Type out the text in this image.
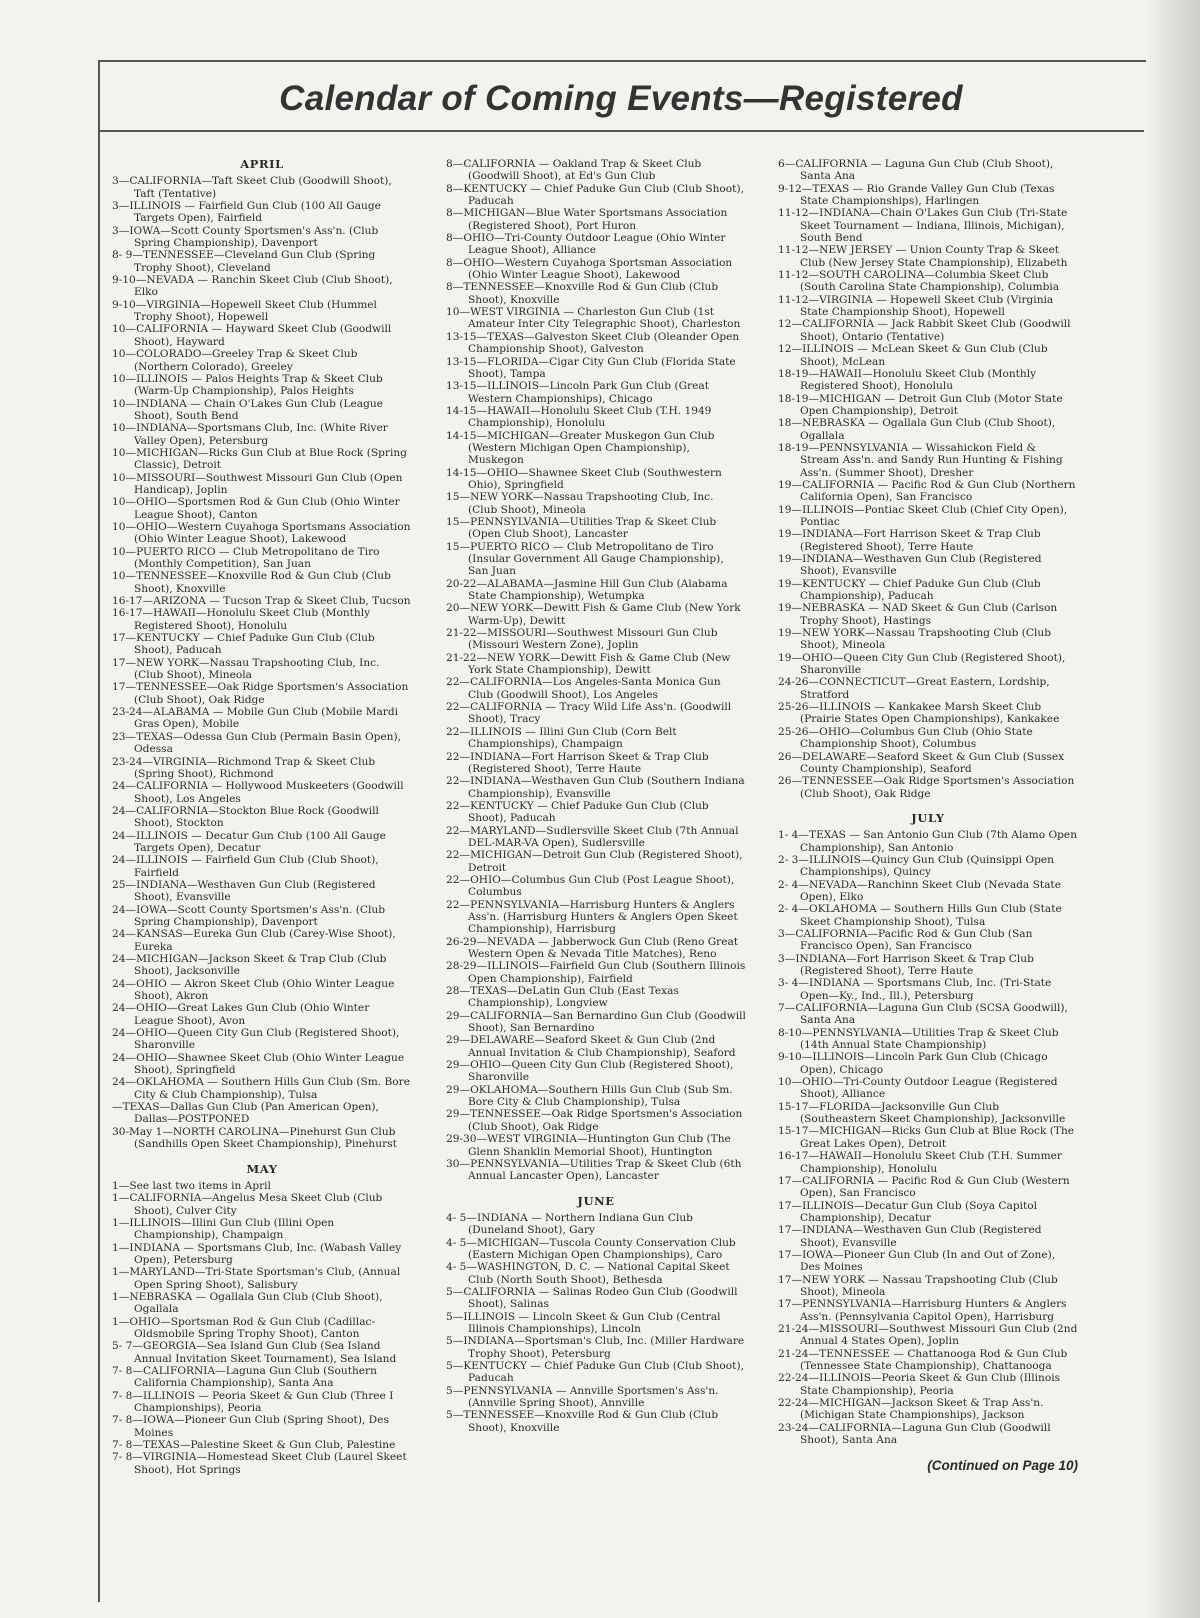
Calendar of Coming Events—Registered
APRIL

3—CALIFORNIA—Taft Skeet Club (Goodwill Shoot), Taft (Tentative)

3—ILLINOIS — Fairfield Gun Club (100 All Gauge Targets Open), Fairfield

3—IOWA—Scott County Sportsmen's Ass'n. (Club Spring Championship), Davenport

8- 9—TENNESSEE—Cleveland Gun Club (Spring Trophy Shoot), Cleveland

9-10—NEVADA — Ranchin Skeet Club (Club Shoot), Elko

9-10—VIRGINIA—Hopewell Skeet Club (Hummel Trophy Shoot), Hopewell

10—CALIFORNIA — Hayward Skeet Club (Goodwill Shoot), Hayward

10—COLORADO—Greeley Trap & Skeet Club (Northern Colorado), Greeley

10—ILLINOIS — Palos Heights Trap & Skeet Club (Warm-Up Championship), Palos Heights

10—INDIANA — Chain O'Lakes Gun Club (League Shoot), South Bend

10—INDIANA—Sportsmans Club, Inc. (White River Valley Open), Petersburg

10—MICHIGAN—Ricks Gun Club at Blue Rock (Spring Classic), Detroit

10—MISSOURI—Southwest Missouri Gun Club (Open Handicap), Joplin

10—OHIO—Sportsmen Rod & Gun Club (Ohio Winter League Shoot), Canton

10—OHIO—Western Cuyahoga Sportsmans Association (Ohio Winter League Shoot), Lakewood

10—PUERTO RICO — Club Metropolitano de Tiro (Monthly Competition), San Juan

10—TENNESSEE—Knoxville Rod & Gun Club (Club Shoot), Knoxville

16-17—ARIZONA — Tucson Trap & Skeet Club, Tucson

16-17—HAWAII—Honolulu Skeet Club (Monthly Registered Shoot), Honolulu

17—KENTUCKY — Chief Paduke Gun Club (Club Shoot), Paducah

17—NEW YORK—Nassau Trapshooting Club, Inc. (Club Shoot), Mineola

17—TENNESSEE—Oak Ridge Sportsmen's Association (Club Shoot), Oak Ridge

23-24—ALABAMA — Mobile Gun Club (Mobile Mardi Gras Open), Mobile

23—TEXAS—Odessa Gun Club (Permain Basin Open), Odessa

23-24—VIRGINIA—Richmond Trap & Skeet Club (Spring Shoot), Richmond

24—CALIFORNIA — Hollywood Muskeeters (Goodwill Shoot), Los Angeles

24—CALIFORNIA—Stockton Blue Rock (Goodwill Shoot), Stockton

24—ILLINOIS — Decatur Gun Club (100 All Gauge Targets Open), Decatur

24—ILLINOIS — Fairfield Gun Club (Club Shoot), Fairfield

25—INDIANA—Westhaven Gun Club (Registered Shoot), Evansville

24—IOWA—Scott County Sportsmen's Ass'n. (Club Spring Championship), Davenport

24—KANSAS—Eureka Gun Club (Carey-Wise Shoot), Eureka

24—MICHIGAN—Jackson Skeet & Trap Club (Club Shoot), Jacksonville

24—OHIO — Akron Skeet Club (Ohio Winter League Shoot), Akron

24—OHIO—Great Lakes Gun Club (Ohio Winter League Shoot), Avon

24—OHIO—Queen City Gun Club (Registered Shoot), Sharonville

24—OHIO—Shawnee Skeet Club (Ohio Winter League Shoot), Springfield

24—OKLAHOMA — Southern Hills Gun Club (Sm. Bore City & Club Championship), Tulsa

—TEXAS—Dallas Gun Club (Pan American Open), Dallas—POSTPONED

30-May 1—NORTH CAROLINA—Pinehurst Gun Club (Sandhills Open Skeet Championship), Pinehurst

MAY

1—See last two items in April

1—CALIFORNIA—Angelus Mesa Skeet Club (Club Shoot), Culver City

1—ILLINOIS—Illini Gun Club (Illini Open Championship), Champaign

1—INDIANA — Sportsmans Club, Inc. (Wabash Valley Open), Petersburg

1—MARYLAND—Tri-State Sportsman's Club, (Annual Open Spring Shoot), Salisbury

1—NEBRASKA — Ogallala Gun Club (Club Shoot), Ogallala

1—OHIO—Sportsman Rod & Gun Club (Cadillac-Oldsmobile Spring Trophy Shoot), Canton

5- 7—GEORGIA—Sea Island Gun Club (Sea Island Annual Invitation Skeet Tournament), Sea Island

7- 8—CALIFORNIA—Laguna Gun Club (Southern California Championship), Santa Ana

7- 8—ILLINOIS — Peoria Skeet & Gun Club (Three I Championships), Peoria

7- 8—IOWA—Pioneer Gun Club (Spring Shoot), Des Moines

7- 8—TEXAS—Palestine Skeet & Gun Club, Palestine

7- 8—VIRGINIA—Homestead Skeet Club (Laurel Skeet Shoot), Hot Springs

8—CALIFORNIA — Oakland Trap & Skeet Club (Goodwill Shoot), at Ed's Gun Club

8—KENTUCKY — Chief Paduke Gun Club (Club Shoot), Paducah

8—MICHIGAN—Blue Water Sportsmans Association (Registered Shoot), Port Huron

8—OHIO—Tri-County Outdoor League (Ohio Winter League Shoot), Alliance

8—OHIO—Western Cuyahoga Sportsman Association (Ohio Winter League Shoot), Lakewood

8—TENNESSEE—Knoxville Rod & Gun Club (Club Shoot), Knoxville

10—WEST VIRGINIA — Charleston Gun Club (1st Amateur Inter City Telegraphic Shoot), Charleston

13-15—TEXAS—Galveston Skeet Club (Oleander Open Championship Shoot), Galveston

13-15—FLORIDA—Cigar City Gun Club (Florida State Shoot), Tampa

13-15—ILLINOIS—Lincoln Park Gun Club (Great Western Championships), Chicago

14-15—HAWAII—Honolulu Skeet Club (T.H. 1949 Championship), Honolulu

14-15—MICHIGAN—Greater Muskegon Gun Club (Western Michigan Open Championship), Muskegon

14-15—OHIO—Shawnee Skeet Club (Southwestern Ohio), Springfield

15—NEW YORK—Nassau Trapshooting Club, Inc. (Club Shoot), Mineola

15—PENNSYLVANIA—Utilities Trap & Skeet Club (Open Club Shoot), Lancaster

15—PUERTO RICO — Club Metropolitano de Tiro (Insular Government All Gauge Championship), San Juan

20-22—ALABAMA—Jasmine Hill Gun Club (Alabama State Championship), Wetumpka

20—NEW YORK—Dewitt Fish & Game Club (New York Warm-Up), Dewitt

21-22—MISSOURI—Southwest Missouri Gun Club (Missouri Western Zone), Joplin

21-22—NEW YORK—Dewitt Fish & Game Club (New York State Championship), Dewitt

22—CALIFORNIA—Los Angeles-Santa Monica Gun Club (Goodwill Shoot), Los Angeles

22—CALIFORNIA — Tracy Wild Life Ass'n. (Goodwill Shoot), Tracy

22—ILLINOIS — Illini Gun Club (Corn Belt Championships), Champaign

22—INDIANA—Fort Harrison Skeet & Trap Club (Registered Shoot), Terre Haute

22—INDIANA—Westhaven Gun Club (Southern Indiana Championship), Evansville

22—KENTUCKY — Chief Paduke Gun Club (Club Shoot), Paducah

22—MARYLAND—Sudlersville Skeet Club (7th Annual DEL-MAR-VA Open), Sudlersville

22—MICHIGAN—Detroit Gun Club (Registered Shoot), Detroit

22—OHIO—Columbus Gun Club (Post League Shoot), Columbus

22—PENNSYLVANIA—Harrisburg Hunters & Anglers Ass'n. (Harrisburg Hunters & Anglers Open Skeet Championship), Harrisburg

26-29—NEVADA — Jabberwock Gun Club (Reno Great Western Open & Nevada Title Matches), Reno

28-29—ILLINOIS—Fairfield Gun Club (Southern Illinois Open Championship), Fairfield

28—TEXAS—DeLatin Gun Club (East Texas Championship), Longview

29—CALIFORNIA—San Bernardino Gun Club (Goodwill Shoot), San Bernardino

29—DELAWARE—Seaford Skeet & Gun Club (2nd Annual Invitation & Club Championship), Seaford

29—OHIO—Queen City Gun Club (Registered Shoot), Sharonville

29—OKLAHOMA—Southern Hills Gun Club (Sub Sm. Bore City & Club Championship), Tulsa

29—TENNESSEE—Oak Ridge Sportsmen's Association (Club Shoot), Oak Ridge

29-30—WEST VIRGINIA—Huntington Gun Club (The Glenn Shanklin Memorial Shoot), Huntington

30—PENNSYLVANIA—Utilities Trap & Skeet Club (6th Annual Lancaster Open), Lancaster

JUNE

4- 5—INDIANA — Northern Indiana Gun Club (Duneland Shoot), Gary

4- 5—MICHIGAN—Tuscola County Conservation Club (Eastern Michigan Open Championships), Caro

4- 5—WASHINGTON, D. C. — National Capital Skeet Club (North South Shoot), Bethesda

5—CALIFORNIA — Salinas Rodeo Gun Club (Goodwill Shoot), Salinas

5—ILLINOIS — Lincoln Skeet & Gun Club (Central Illinois Championships), Lincoln

5—INDIANA—Sportsman's Club, Inc. (Miller Hardware Trophy Shoot), Petersburg

5—KENTUCKY — Chief Paduke Gun Club (Club Shoot), Paducah

5—PENNSYLVANIA — Annville Sportsmen's Ass'n. (Annville Spring Shoot), Annville

5—TENNESSEE—Knoxville Rod & Gun Club (Club Shoot), Knoxville

6—CALIFORNIA — Laguna Gun Club (Club Shoot), Santa Ana

9-12—TEXAS — Rio Grande Valley Gun Club (Texas State Championships), Harlingen

11-12—INDIANA—Chain O'Lakes Gun Club (Tri-State Skeet Tournament — Indiana, Illinois, Michigan), South Bend

11-12—NEW JERSEY — Union County Trap & Skeet Club (New Jersey State Championship), Elizabeth

11-12—SOUTH CAROLINA—Columbia Skeet Club (South Carolina State Championship), Columbia

11-12—VIRGINIA — Hopewell Skeet Club (Virginia State Championship Shoot), Hopewell

12—CALIFORNIA — Jack Rabbit Skeet Club (Goodwill Shoot), Ontario (Tentative)

12—ILLINOIS — McLean Skeet & Gun Club (Club Shoot), McLean

18-19—HAWAII—Honolulu Skeet Club (Monthly Registered Shoot), Honolulu

18-19—MICHIGAN — Detroit Gun Club (Motor State Open Championship), Detroit

18—NEBRASKA — Ogallala Gun Club (Club Shoot), Ogallala

18-19—PENNSYLVANIA — Wissahickon Field & Stream Ass'n. and Sandy Run Hunting & Fishing Ass'n. (Summer Shoot), Dresher

19—CALIFORNIA — Pacific Rod & Gun Club (Northern California Open), San Francisco

19—ILLINOIS—Pontiac Skeet Club (Chief City Open), Pontiac

19—INDIANA—Fort Harrison Skeet & Trap Club (Registered Shoot), Terre Haute

19—INDIANA—Westhaven Gun Club (Registered Shoot), Evansville

19—KENTUCKY — Chief Paduke Gun Club (Club Championship), Paducah

19—NEBRASKA — NAD Skeet & Gun Club (Carlson Trophy Shoot), Hastings

19—NEW YORK—Nassau Trapshooting Club (Club Shoot), Mineola

19—OHIO—Queen City Gun Club (Registered Shoot), Sharonville

24-26—CONNECTICUT—Great Eastern, Lordship, Stratford

25-26—ILLINOIS — Kankakee Marsh Skeet Club (Prairie States Open Championships), Kankakee

25-26—OHIO—Columbus Gun Club (Ohio State Championship Shoot), Columbus

26—DELAWARE—Seaford Skeet & Gun Club (Sussex County Championship), Seaford

26—TENNESSEE—Oak Ridge Sportsmen's Association (Club Shoot), Oak Ridge

JULY

1- 4—TEXAS — San Antonio Gun Club (7th Alamo Open Championship), San Antonio

2- 3—ILLINOIS—Quincy Gun Club (Quinsippi Open Championships), Quincy

2- 4—NEVADA—Ranchinn Skeet Club (Nevada State Open), Elko

2- 4—OKLAHOMA — Southern Hills Gun Club (State Skeet Championship Shoot), Tulsa

3—CALIFORNIA—Pacific Rod & Gun Club (San Francisco Open), San Francisco

3—INDIANA—Fort Harrison Skeet & Trap Club (Registered Shoot), Terre Haute

3- 4—INDIANA — Sportsmans Club, Inc. (Tri-State Open—Ky., Ind., Ill.), Petersburg

7—CALIFORNIA—Laguna Gun Club (SCSA Goodwill), Santa Ana

8-10—PENNSYLVANIA—Utilities Trap & Skeet Club (14th Annual State Championship)

9-10—ILLINOIS—Lincoln Park Gun Club (Chicago Open), Chicago

10—OHIO—Tri-County Outdoor League (Registered Shoot), Alliance

15-17—FLORIDA—Jacksonville Gun Club (Southeastern Skeet Championship), Jacksonville

15-17—MICHIGAN—Ricks Gun Club at Blue Rock (The Great Lakes Open), Detroit

16-17—HAWAII—Honolulu Skeet Club (T.H. Summer Championship), Honolulu

17—CALIFORNIA — Pacific Rod & Gun Club (Western Open), San Francisco

17—ILLINOIS—Decatur Gun Club (Soya Capitol Championship), Decatur

17—INDIANA—Westhaven Gun Club (Registered Shoot), Evansville

17—IOWA—Pioneer Gun Club (In and Out of Zone), Des Moines

17—NEW YORK — Nassau Trapshooting Club (Club Shoot), Mineola

17—PENNSYLVANIA—Harrisburg Hunters & Anglers Ass'n. (Pennsylvania Capitol Open), Harrisburg

21-24—MISSOURI—Southwest Missouri Gun Club (2nd Annual 4 States Open), Joplin

21-24—TENNESSEE — Chattanooga Rod & Gun Club (Tennessee State Championship), Chattanooga

22-24—ILLINOIS—Peoria Skeet & Gun Club (Illinois State Championship), Peoria

22-24—MICHIGAN—Jackson Skeet & Trap Ass'n. (Michigan State Championships), Jackson

23-24—CALIFORNIA—Laguna Gun Club (Goodwill Shoot), Santa Ana

(Continued on Page 10)
